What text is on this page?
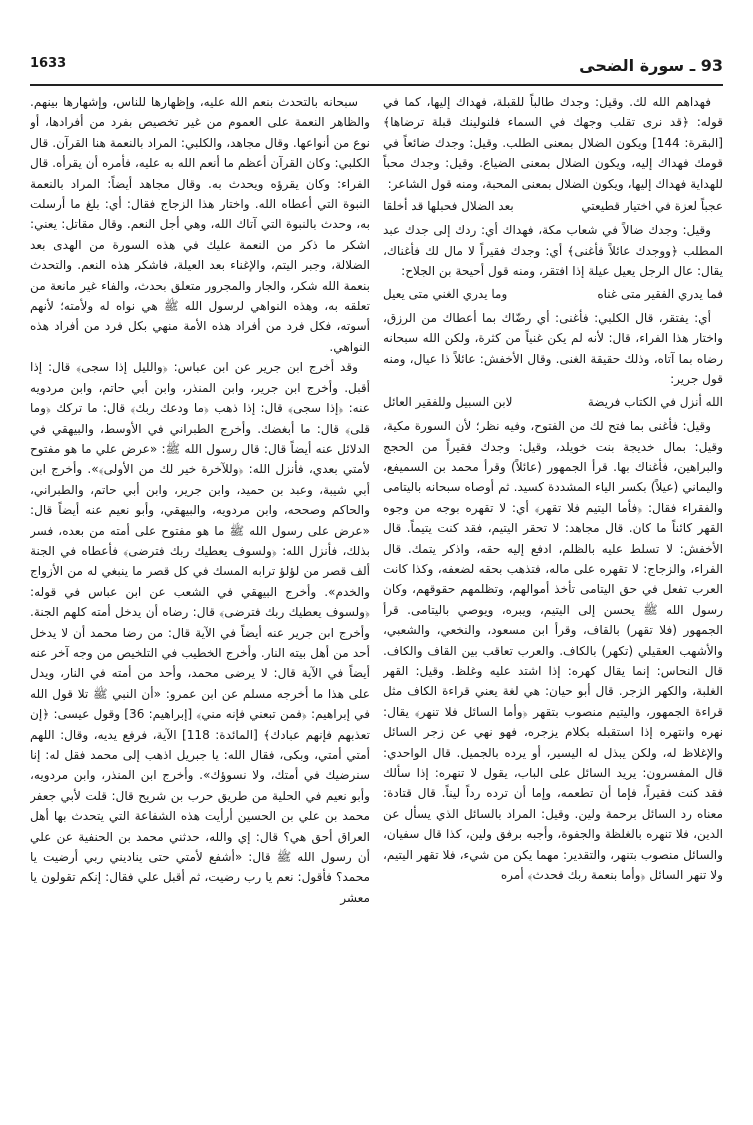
1633	93 ـ سورة الضحى

فهداهم الله لك. وقيل: وجدك طالباً للقبلة، فهداك إليها، كما في قوله: ﴿قد نرى تقلب وجهك في السماء فلنولينك قبلة ترضاها﴾ [البقرة: 144] ويكون الضلال بمعنى الطلب. وقيل: وجدك ضائعاً في قومك فهداك إليه، ويكون الضلال بمعنى الضياع. وقيل: وجدك محباً للهداية فهداك إليها، ويكون الضلال بمعنى المحبة، ومنه قول الشاعر:

عجباً لعزة في اختيار قطيعتي
بعد الضلال فحبلها قد أخلقا

وقيل: وجدك ضالاً في شعاب مكة، فهداك أي: ردك إلى جدك عبد المطلب ﴿ووجدك عائلاً فأغنى﴾ أي: وجدك فقيراً لا مال لك فأغناك، يقال: عال الرجل يعيل عيلة إذا افتقر، ومنه قول أحيحة بن الجلاح:

فما يدري الفقير متى غناه
وما يدري الغني متى يعيل

أي: يفتقر، قال الكلبي: فأغنى: أي رضّاك بما أعطاك من الرزق، واختار هذا الفراء، قال: لأنه لم يكن غنياً من كثرة، ولكن الله سبحانه رضاه بما آتاه، وذلك حقيقة الغنى. وقال الأخفش: عائلاً ذا عيال، ومنه قول جرير:

الله أنزل في الكتاب فريضة
لابن السبيل وللفقير العائل

وقيل: فأغنى بما فتح لك من الفتوح، وفيه نظر؛ لأن السورة مكية، وقيل: بمال خديجة بنت خويلد، وقيل: وجدك فقيراً من الحجج والبراهين، فأغناك بها. قرأ الجمهور (عائلاً) وقرأ محمد بن السميفع، واليماني (عيلاً) بكسر الياء المشددة كسيد. ثم أوصاه سبحانه باليتامى والفقراء فقال: ﴿فأما اليتيم فلا تقهر﴾ أي: لا تقهره بوجه من وجوه القهر كائناً ما كان. قال مجاهد: لا تحقر اليتيم، فقد كنت يتيماً. قال الأخفش: لا تسلط عليه بالظلم، ادفع إليه حقه، واذكر يتمك. قال الفراء، والزجاج: لا تقهره على ماله، فتذهب بحقه لضعفه، وكذا كانت العرب تفعل في حق اليتامى تأخذ أموالهم، وتظلمهم حقوقهم، وكان رسول الله ﷺ يحسن إلى اليتيم، ويبره، ويوصي باليتامى. قرأ الجمهور (فلا تقهر) بالقاف، وقرأ ابن مسعود، والنخعي، والشعبي، والأشهب العقيلي (تكهر) بالكاف. والعرب تعاقب بين القاف والكاف. قال النحاس: إنما يقال كهره: إذا اشتد عليه وغلظ. وقيل: القهر الغلبة، والكهر الزجر. قال أبو حيان: هي لغة يعني قراءة الكاف مثل قراءة الجمهور، واليتيم منصوب بتقهر ﴿وأما السائل فلا تنهر﴾ يقال: نهره وانتهره إذا استقبله بكلام يزجره، فهو نهي عن زجر السائل والإغلاظ له، ولكن يبذل له اليسير، أو يرده بالجميل. قال الواحدي: قال المفسرون: يريد السائل على الباب، يقول لا تنهره: إذا سألك فقد كنت فقيراً، فإما أن تطعمه، وإما أن ترده رداً ليناً. قال قتادة: معناه رد السائل برحمة ولين. وقيل: المراد بالسائل الذي يسأل عن الدين، فلا تنهره بالغلظة والجفوة، وأجبه برفق ولين، كذا قال سفيان، والسائل منصوب بتنهر، والتقدير: مهما يكن من شيء، فلا تقهر اليتيم، ولا تنهر السائل ﴿وأما بنعمة ربك فحدث﴾ أمره

سبحانه بالتحدث بنعم الله عليه، وإظهارها للناس، وإشهارها بينهم. والظاهر النعمة على العموم من غير تخصيص بفرد من أفرادها، أو نوع من أنواعها. وقال مجاهد، والكلبي: المراد بالنعمة هنا القرآن. قال الكلبي: وكان القرآن أعظم ما أنعم الله به عليه، فأمره أن يقرأه. قال الفراء: وكان يقرؤه ويحدث به. وقال مجاهد أيضاً: المراد بالنعمة النبوة التي أعطاه الله. واختار هذا الزجاج فقال: أي: بلغ ما أرسلت به، وحدث بالنبوة التي آتاك الله، وهي أجل النعم. وقال مقاتل: يعني: اشكر ما ذكر من النعمة عليك في هذه السورة من الهدى بعد الضلالة، وجبر اليتم، والإغناء بعد العيلة، فاشكر هذه النعم. والتحدث بنعمة الله شكر، والجار والمجرور متعلق بحدث، والفاء غير مانعة من تعلقه به، وهذه النواهي لرسول الله ﷺ هي نواه له ولأمته؛ لأنهم أسوته، فكل فرد من أفراد هذه الأمة منهي بكل فرد من أفراد هذه النواهي.

وقد أخرج ابن جرير عن ابن عباس: ﴿والليل إذا سجى﴾ قال: إذا أقبل. وأخرج ابن جرير، وابن المنذر، وابن أبي حاتم، وابن مردويه عنه: ﴿إذا سجى﴾ قال: إذا ذهب ﴿ما ودعك ربك﴾ قال: ما تركك ﴿وما قلى﴾ قال: ما أبغضك. وأخرج الطبراني في الأوسط، والبيهقي في الدلائل عنه أيضاً قال: قال رسول الله ﷺ: «عرض علي ما هو مفتوح لأمتي بعدي، فأنزل الله: ﴿وللآخرة خير لك من الأولى﴾». وأخرج ابن أبي شيبة، وعبد بن حميد، وابن جرير، وابن أبي حاتم، والطبراني، والحاكم وصححه، وابن مردويه، والبيهقي، وأبو نعيم عنه أيضاً قال: «عرض على رسول الله ﷺ ما هو مفتوح على أمته من بعده، فسر بذلك، فأنزل الله: ﴿ولسوف يعطيك ربك فترضى﴾ فأعطاه في الجنة ألف قصر من لؤلؤ ترابه المسك في كل قصر ما ينبغي له من الأزواج والخدم». وأخرج البيهقي في الشعب عن ابن عباس في قوله: ﴿ولسوف يعطيك ربك فترضى﴾ قال: رضاه أن يدخل أمته كلهم الجنة. وأخرج ابن جرير عنه أيضاً في الآية قال: من رضا محمد أن لا يدخل أحد من أهل بيته النار. وأخرج الخطيب في التلخيص من وجه آخر عنه أيضاً في الآية قال: لا يرضى محمد، وأحد من أمته في النار، ويدل على هذا ما أخرجه مسلم عن ابن عمرو: «أن النبي ﷺ تلا قول الله في إبراهيم: ﴿فمن تبعني فإنه مني﴾ [إبراهيم: 36] وقول عيسى: ﴿إن تعذبهم فإنهم عبادك﴾ [المائدة: 118] الآية، فرفع يديه، وقال: اللهم أمتي أمتي، وبكى، فقال الله: يا جبريل اذهب إلى محمد فقل له: إنا سنرضيك في أمتك، ولا نسوؤك». وأخرج ابن المنذر، وابن مردويه، وأبو نعيم في الحلية من طريق حرب بن شريح قال: قلت لأبي جعفر محمد بن علي بن الحسين أرأيت هذه الشفاعة التي يتحدث بها أهل العراق أحق هي؟ قال: إي والله، حدثني محمد بن الحنفية عن علي أن رسول الله ﷺ قال: «أشفع لأمتي حتى يناديني ربي أرضيت يا محمد؟ فأقول: نعم يا رب رضيت، ثم أقبل علي فقال: إنكم تقولون يا معشر
